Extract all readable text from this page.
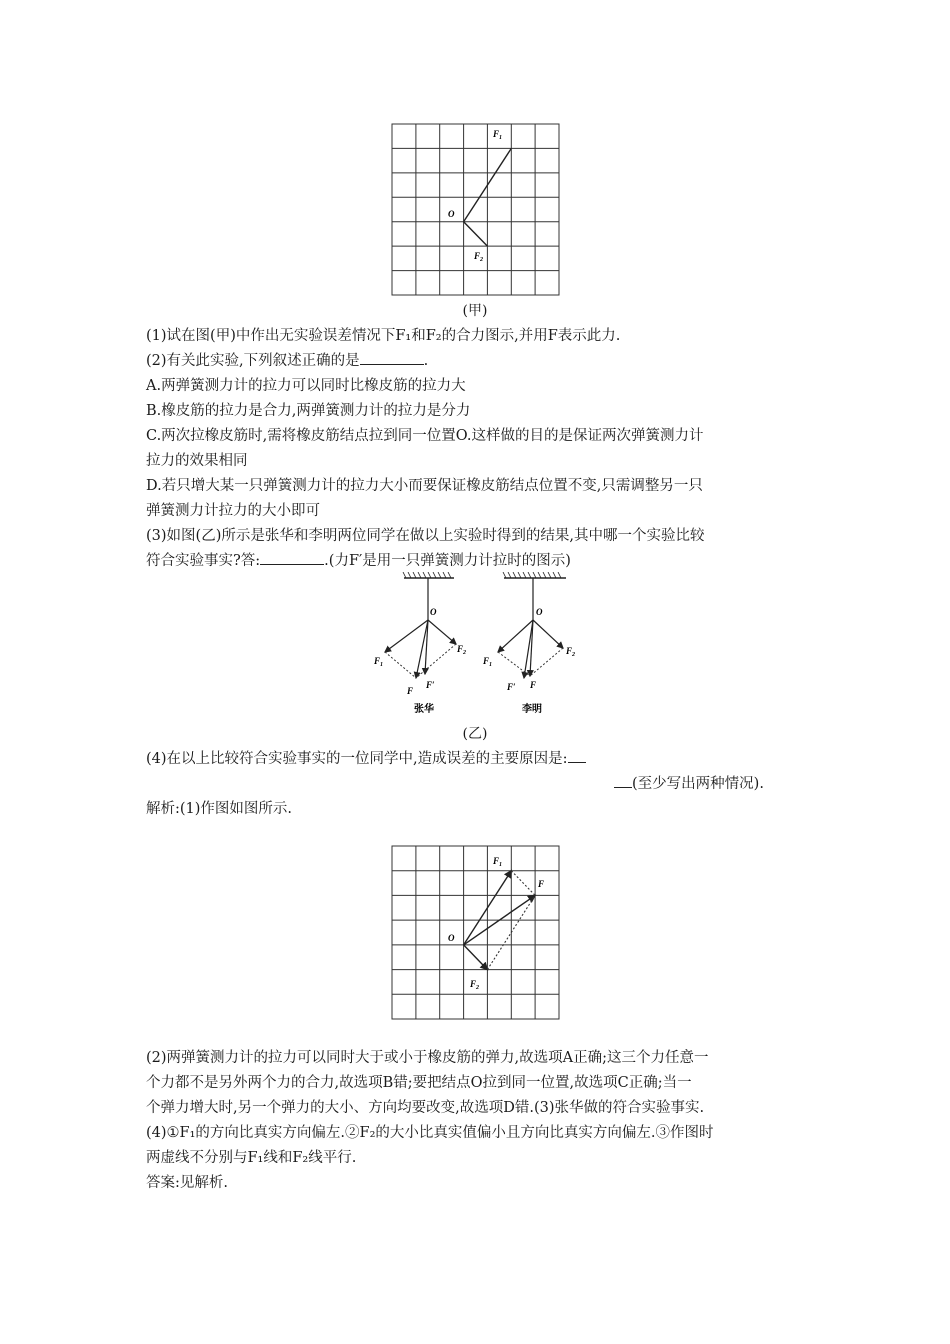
O
$F_1$
$F_2$
(甲)
(1)试在图(甲)中作出无实验误差情况下F₁和F₂的合力图示,并用F表示此力.
(2)有关此实验,下列叙述正确的是	.
A.两弹簧测力计的拉力可以同时比橡皮筋的拉力大
B.橡皮筋的拉力是合力,两弹簧测力计的拉力是分力
C.两次拉橡皮筋时,需将橡皮筋结点拉到同一位置O.这样做的目的是保证两次弹簧测力计
拉力的效果相同
D.若只增大某一只弹簧测力计的拉力大小而要保证橡皮筋结点位置不变,只需调整另一只
弹簧测力计拉力的大小即可
(3)如图(乙)所示是张华和李明两位同学在做以上实验时得到的结果,其中哪一个实验比较
符合实验事实?答:	.(力F′是用一只弹簧测力计拉时的图示)
O
$F_1$
$F_2$
F
F′
张华
O
$F_1$
$F_2$
F′ F
李明
(乙)
(4)在以上比较符合实验事实的一位同学中,造成误差的主要原因是:
(至少写出两种情况).
解析:(1)作图如图所示.
O
$F_1$
F
$F_2$
(2)两弹簧测力计的拉力可以同时大于或小于橡皮筋的弹力,故选项A正确;这三个力任意一
个力都不是另外两个力的合力,故选项B错;要把结点O拉到同一位置,故选项C正确;当一
个弹力增大时,另一个弹力的大小、方向均要改变,故选项D错.(3)张华做的符合实验事实.
(4)①F₁的方向比真实方向偏左.②F₂的大小比真实值偏小且方向比真实方向偏左.③作图时
两虚线不分别与F₁线和F₂线平行.
答案:见解析.
